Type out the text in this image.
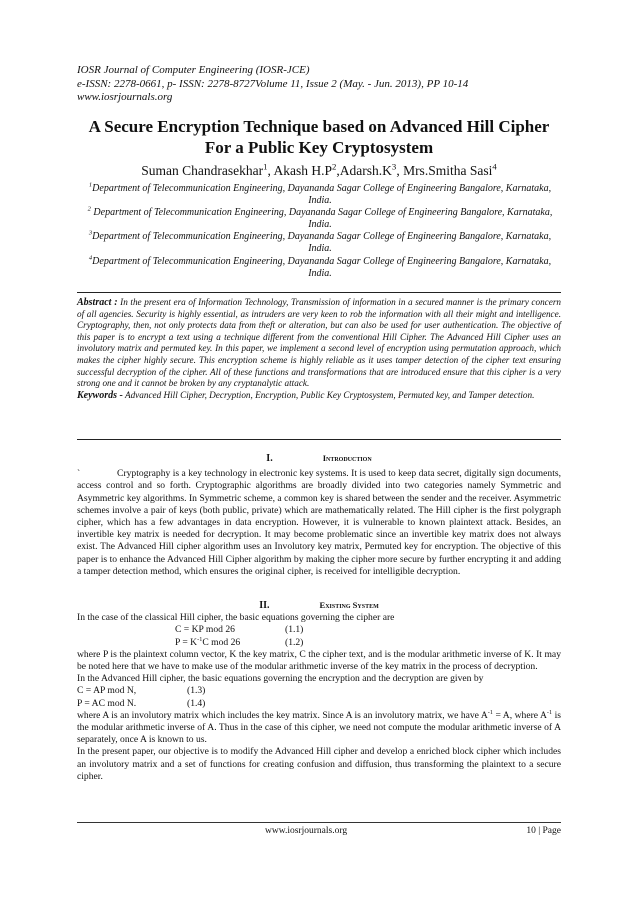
IOSR Journal of Computer Engineering (IOSR-JCE)
e-ISSN: 2278-0661, p- ISSN: 2278-8727Volume 11, Issue 2 (May. - Jun. 2013), PP 10-14
www.iosrjournals.org
A Secure Encryption Technique based on Advanced Hill Cipher
For a Public Key Cryptosystem
Suman Chandrasekhar$^1$, Akash $H.P^2,Adarsh.K^3$, Mrs.Smitha Sasi$^4$

$^1$Department of Telecommunication Engineering, Dayananda Sagar College of Engineering Bangalore, Karnataka, India.

$^2$ Department of Telecommunication Engineering, Dayananda Sagar College of Engineering Bangalore, Karnataka, India.

$^3$Department of Telecommunication Engineering, Dayananda Sagar College of Engineering Bangalore, Karnataka, India.

$^4$Department of Telecommunication Engineering, Dayananda Sagar College of Engineering Bangalore, Karnataka, India.

Abstract : In the present era of Information Technology, Transmission of information in a secured manner is the primary concern of all agencies. Security is highly essential, as intruders are very keen to rob the information with all their might and intelligence. Cryptography, then, not only protects data from theft or alteration, but can also be used for user authentication. The objective of this paper is to encrypt a text using a technique different from the conventional Hill Cipher. The Advanced Hill Cipher uses an involutory matrix and permuted key. In this paper, we implement a second level of encryption using permutation approach, which makes the cipher highly secure. This encryption scheme is highly reliable as it uses tamper detection of the cipher text ensuring successful decryption of the cipher. All of these functions and transformations that are introduced ensure that this cipher is a very strong one and it cannot be broken by any cryptanalytic attack.
Keywords - Advanced Hill Cipher, Decryption, Encryption, Public Key Cryptosystem, Permuted key, and Tamper detection.

I.	Introduction

`	Cryptography is a key technology in electronic key systems. It is used to keep data secret, digitally sign documents, access control and so forth. Cryptographic algorithms are broadly divided into two categories namely Symmetric and Asymmetric key algorithms. In Symmetric scheme, a common key is shared between the sender and the receiver. Asymmetric schemes involve a pair of keys (both public, private) which are mathematically related. The Hill cipher is the first polygraph cipher, which has a few advantages in data encryption. However, it is vulnerable to known plaintext attack. Besides, an invertible key matrix is needed for decryption. It may become problematic since an invertible key matrix does not always exist. The Advanced Hill cipher algorithm uses an Involutory key matrix, Permuted key for encryption. The objective of this paper is to enhance the Advanced Hill Cipher algorithm by making the cipher more secure by further encrypting it and adding a tamper detection method, which ensures the original cipher, is received for intelligible decryption.

II.	Existing System

In the case of the classical Hill cipher, the basic equations governing the cipher are

C = KP mod 26	(1.1)
$P = K^{-1}C$ mod 26	(1.2)

where P is the plaintext column vector, K the key matrix, C the cipher text, and is the modular arithmetic inverse of K. It may be noted here that we have to make use of the modular arithmetic inverse of the key matrix in the process of decryption.

In the Advanced Hill cipher, the basic equations governing the encryption and the decryption are given by

C = AP mod N,	(1.3)
P = AC mod N.	(1.4)

where A is an involutory matrix which includes the key matrix. Since A is an involutory matrix, we have $A^{-1} = A$, where $A^{-1}$ is the modular arithmetic inverse of A. Thus in the case of this cipher, we need not compute the modular arithmetic inverse of A separately, once A is known to us.

In the present paper, our objective is to modify the Advanced Hill cipher and develop a enriched block cipher which includes an involutory matrix and a set of functions for creating confusion and diffusion, thus transforming the plaintext to a secure cipher.

www.iosrjournals.org	10 | Page
